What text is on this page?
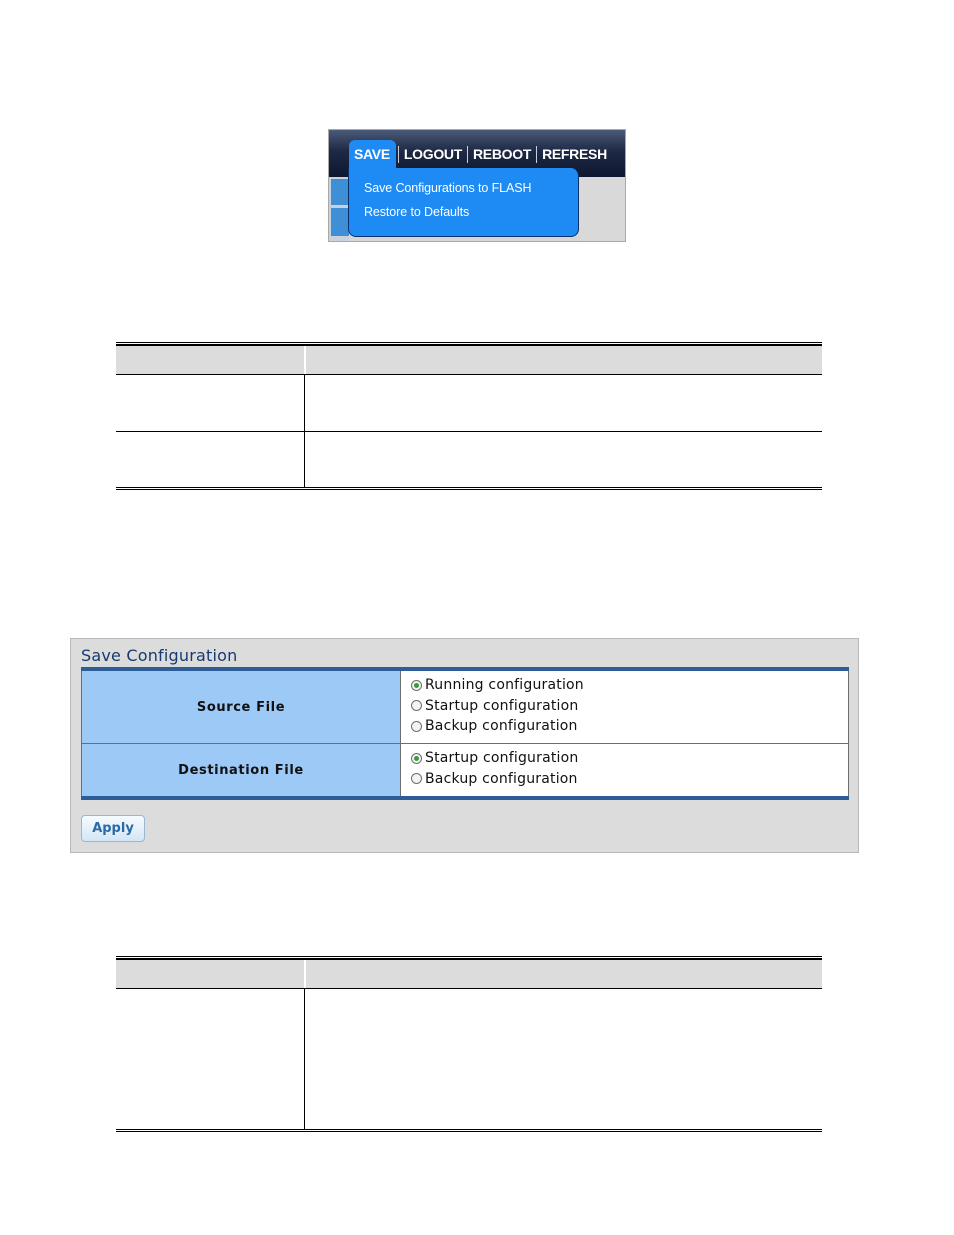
SAVE	LOGOUT REBOOT REFRESH
Save Configurations to FLASH
Restore to Defaults
Save Configuration
Source File
Running configuration
Startup configuration
Backup configuration
Destination File
Startup configuration
Backup configuration
Apply
